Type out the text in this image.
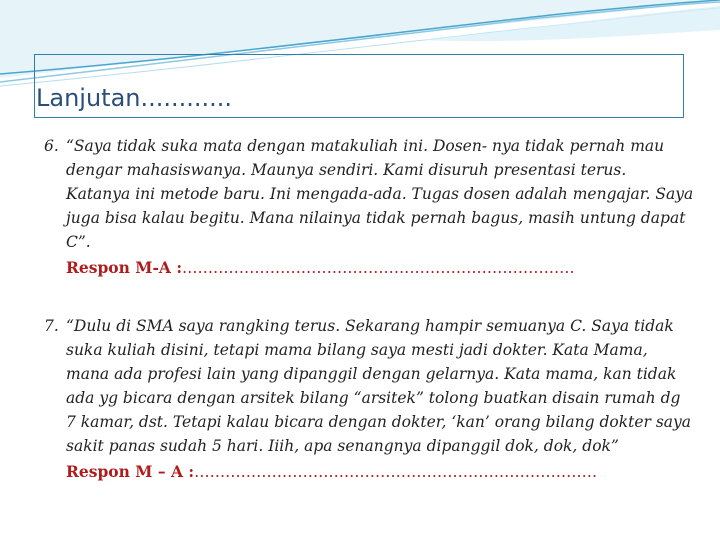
Lanjutan............
6. “Saya tidak suka mata dengan matakuliah ini. Dosen- nya tidak pernah mau dengar mahasiswanya. Maunya sendiri. Kami disuruh presentasi terus. Katanya ini metode baru. Ini mengada-ada. Tugas dosen adalah mengajar. Saya juga bisa kalau begitu. Mana nilainya tidak pernah bagus, masih untung dapat C”.
Respon M-A :………………………………………………………………….
7. “Dulu di SMA saya rangking terus. Sekarang hampir semuanya C. Saya tidak suka kuliah disini, tetapi mama bilang saya mesti jadi dokter. Kata Mama, mana ada profesi lain yang dipanggil dengan gelarnya. Kata mama, kan tidak ada yg bicara dengan arsitek bilang “arsitek” tolong buatkan disain rumah dg 7 kamar, dst. Tetapi kalau bicara dengan dokter, ‘kan’ orang bilang dokter saya sakit panas sudah 5 hari. Iiih, apa senangnya dipanggil dok, dok, dok”
Respon M – A :……………………………………………………………………
